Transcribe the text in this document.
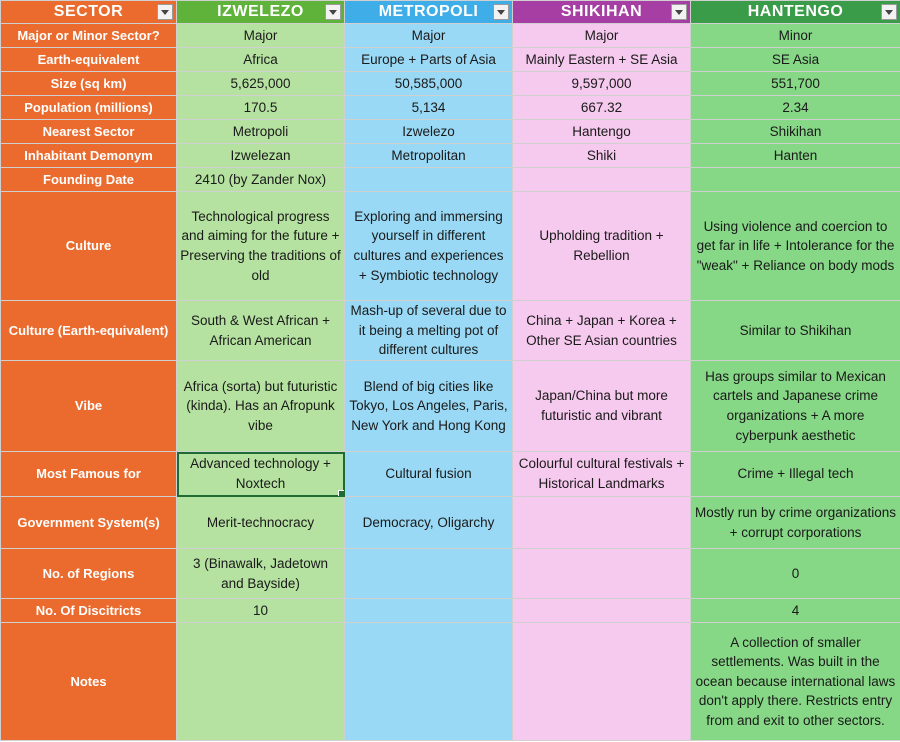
SECTOR	IZWELEZO	METROPOLI	SHIKIHAN	HANTENGO

Major or Minor Sector?	Major	Major	Major	Minor
Earth-equivalent	Africa	Europe + Parts of Asia	Mainly Eastern + SE Asia	SE Asia
Size (sq km)	5,625,000	50,585,000	9,597,000	551,700
Population (millions)	170.5	5,134	667.32	2.34
Nearest Sector	Metropoli	Izwelezo	Hantengo	Shikihan
Inhabitant Demonym	Izwelezan	Metropolitan	Shiki	Hanten
Founding Date	2410 (by Zander Nox)			
Culture	Technological progress and aiming for the future + Preserving the traditions of old	Exploring and immersing yourself in different cultures and experiences + Symbiotic technology	Upholding tradition + Rebellion	Using violence and coercion to get far in life + Intolerance for the "weak" + Reliance on body mods
Culture (Earth-equivalent)	South & West African + African American	Mash-up of several due to it being a melting pot of different cultures	China + Japan + Korea + Other SE Asian countries	Similar to Shikihan
Vibe	Africa (sorta) but futuristic (kinda). Has an Afropunk vibe	Blend of big cities like Tokyo, Los Angeles, Paris, New York and Hong Kong	Japan/China but more futuristic and vibrant	Has groups similar to Mexican cartels and Japanese crime organizations + A more cyberpunk aesthetic
Most Famous for	Advanced technology + Noxtech	Cultural fusion	Colourful cultural festivals + Historical Landmarks	Crime + Illegal tech
Government System(s)	Merit-technocracy	Democracy, Oligarchy		Mostly run by crime organizations + corrupt corporations
No. of Regions	3 (Binawalk, Jadetown and Bayside)			0
No. Of Discitricts	10			4
Notes				A collection of smaller settlements. Was built in the ocean because international laws don't apply there. Restricts entry from and exit to other sectors.
